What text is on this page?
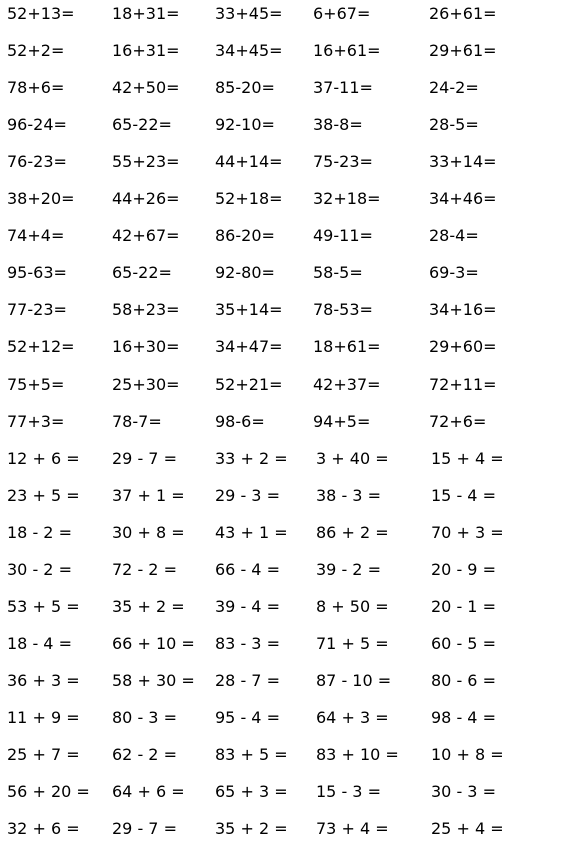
52+13= 18+31= 33+45= 6+67=	26+61=
52+2=	16+31= 34+45= 16+61=	29+61=
78+6=	42+50= 85-20= 37-11=	24-2=
96-24=	65-22=	92-10= 38-8=	28-5=
76-23=	55+23= 44+14= 75-23=	33+14=
38+20= 44+26= 52+18= 32+18=	34+46=
74+4=	42+67= 86-20= 49-11=	28-4=
95-63=	65-22=	92-80= 58-5=	69-3=
77-23=	58+23= 35+14= 78-53=	34+16=
52+12= 16+30= 34+47= 18+61=	29+60=
75+5=	25+30= 52+21= 42+37=	72+11=
77+3=	78-7=	98-6=	94+5=	72+6=
12 + 6 = 29 - 7 = 33 + 2 = 3 + 40 =	15 + 4 =
23 + 5 = 37 + 1 = 29 - 3 = 38 - 3 =	15 - 4 =
18 - 2 =	30 + 8 = 43 + 1 = 86 + 2 =	70 + 3 =
30 - 2 =	72 - 2 = 66 - 4 = 39 - 2 =	20 - 9 =
53 + 5 = 35 + 2 = 39 - 4 = 8 + 50 =	20 - 1 =
18 - 4 =	66 + 10 = 83 - 3 = 71 + 5 =	60 - 5 =
36 + 3 = 58 + 30 = 28 - 7 = 87 - 10 = 80 - 6 =
11 + 9 = 80 - 3 = 95 - 4 = 64 + 3 =	98 - 4 =
25 + 7 = 62 - 2 = 83 + 5 = 83 + 10 = 10 + 8 =
56 + 20 = 64 + 6 = 65 + 3 = 15 - 3 =	30 - 3 =
32 + 6 = 29 - 7 = 35 + 2 = 73 + 4 =	25 + 4 =
